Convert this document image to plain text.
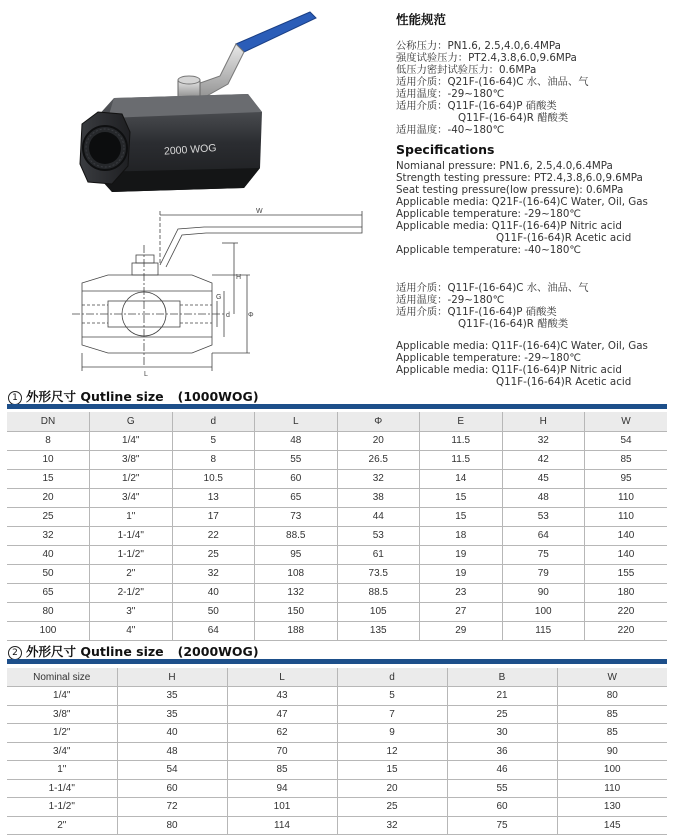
2000 WOG
W
H
L
Φ
d
G
性能规范
公称压力：PN1.6, 2.5,4.0,6.4MPa
强度试验压力：PT2.4,3.8,6.0,9.6MPa
低压力密封试验压力：0.6MPa
适用介质：Q21F-(16-64)C 水、油品、气
适用温度：-29~180℃
适用介质：Q11F-(16-64)P 硝酸类
Q11F-(16-64)R 醋酸类
适用温度：-40~180℃
Specifications
Nomianal pressure: PN1.6, 2.5,4.0,6.4MPa
Strength testing pressure: PT2.4,3.8,6.0,9.6MPa
Seat testing pressure(low pressure): 0.6MPa
Applicable media: Q21F-(16-64)C Water, Oil, Gas
Applicable temperature: -29~180℃
Applicable media: Q11F-(16-64)P Nitric acid
Q11F-(16-64)R Acetic acid
Applicable temperature: -40~180℃
适用介质：Q11F-(16-64)C 水、油品、气
适用温度：-29~180℃
适用介质：Q11F-(16-64)P 硝酸类
Q11F-(16-64)R 醋酸类
Applicable media: Q11F-(16-64)C Water, Oil, Gas
Applicable temperature: -29~180℃
Applicable media: Q11F-(16-64)P Nitric acid
Q11F-(16-64)R Acetic acid
1 外形尺寸 Qutline size (1000WOG)
DN	G	d	L	Φ	E	H	W
8	1/4"	5	48	20	11.5	32	54
10	3/8"	8	55	26.5	11.5	42	85
15	1/2"	10.5	60	32	14	45	95
20	3/4"	13	65	38	15	48	110
25	1"	17	73	44	15	53	110
32	1-1/4"	22	88.5	53	18	64	140
40	1-1/2"	25	95	61	19	75	140
50	2"	32	108	73.5	19	79	155
65	2-1/2"	40	132	88.5	23	90	180
80	3"	50	150	105	27	100	220
100	4"	64	188	135	29	115	220
2 外形尺寸 Qutline size (2000WOG)
Nominal size	H	L	d	B	W
1/4"	35	43	5	21	80
3/8"	35	47	7	25	85
1/2"	40	62	9	30	85
3/4"	48	70	12	36	90
1"	54	85	15	46	100
1-1/4"	60	94	20	55	110
1-1/2"	72	101	25	60	130
2"	80	114	32	75	145
